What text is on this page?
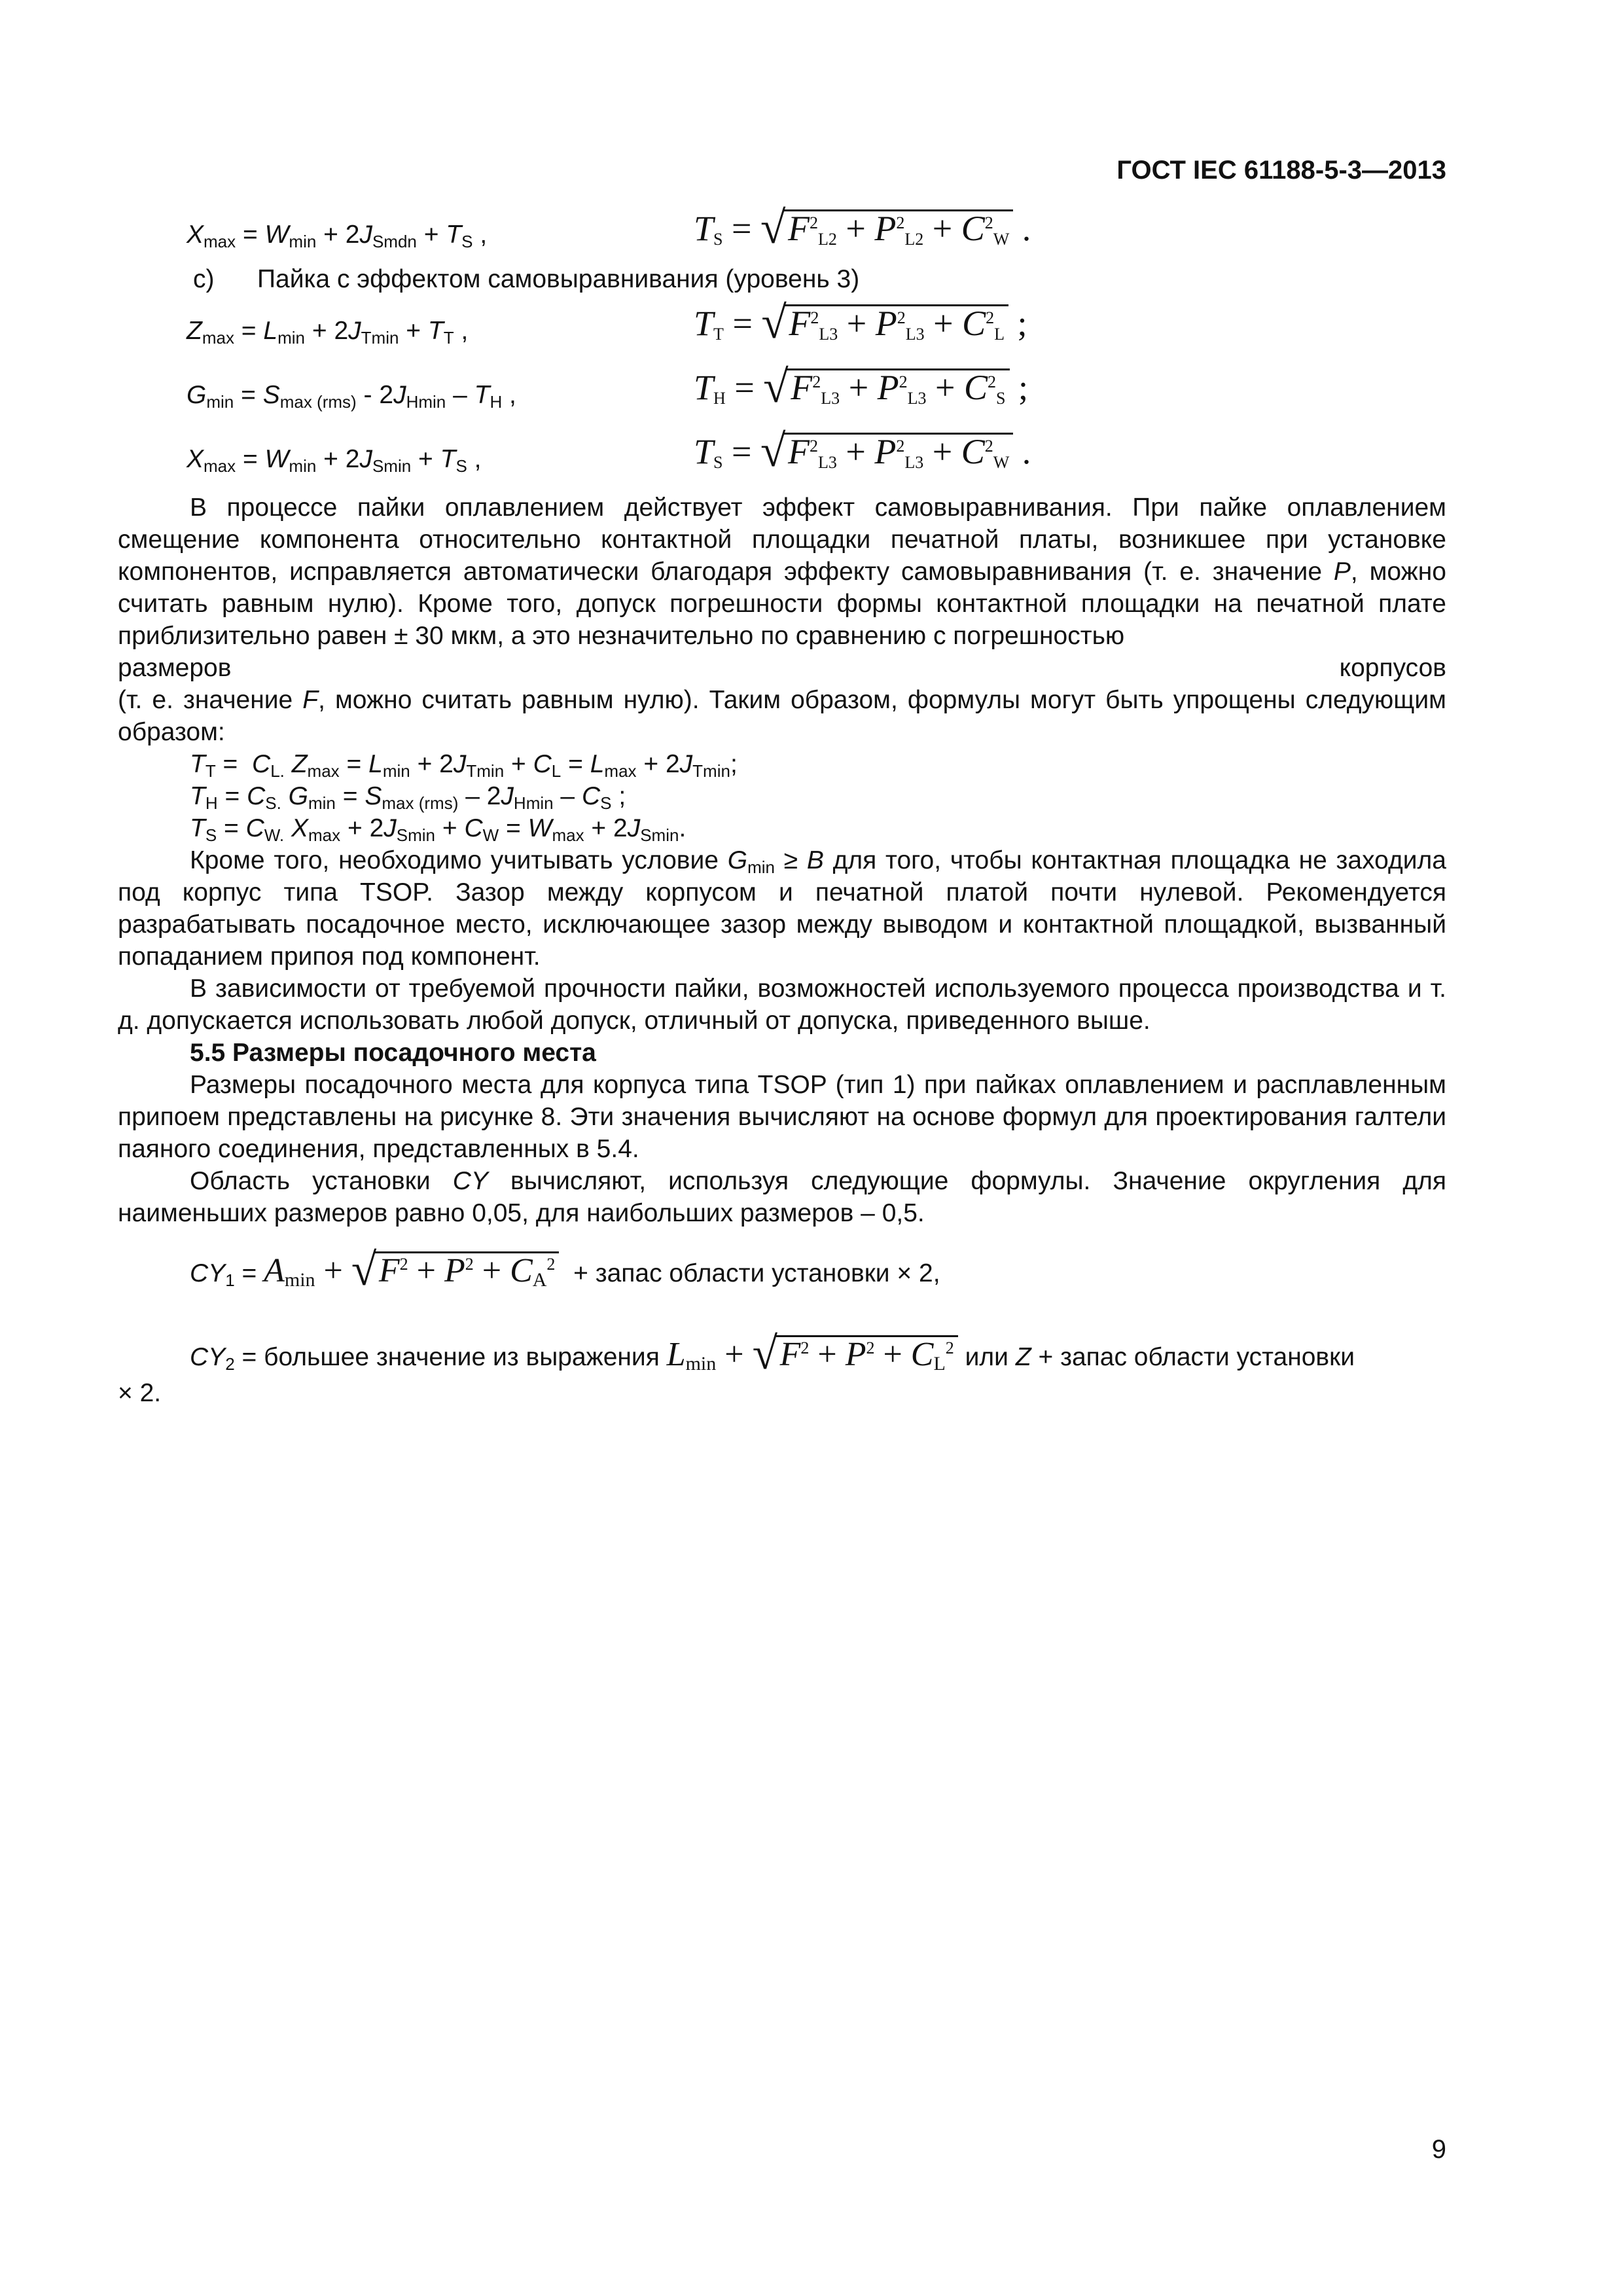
ГОСТ IEC 61188-5-3—2013
$X_{max} = W_{min} + 2J_{Smdn} + T_S$ ,	$T_S$ = √ $F^2_{L2} + P^2_{L2} + C^2_W$ .
c) Пайка с эффектом самовыравнивания (уровень 3)
$Z_{max} = L_{min} + 2J_{Tmin} + T_T$ ,	$T_T$ = √ $F^2_{L3} + P^2_{L3} + C^2_L$ ;
$G_{min} = S_{max (rms)} - 2J_{Hmin} - T_H$ ,	$T_H$ = √ $F^2_{L3} + P^2_{L3} + C^2_S$ ;
$X_{max} = W_{min} + 2J_{Smin} + T_S$ ,	$T_S$ = √ $F^2_{L3} + P^2_{L3} + C^2_W$ .

В процессе пайки оплавлением действует эффект самовыравнивания. При пайке оплавлением смещение компонента относительно контактной площадки печатной платы, возникшее при установке компонентов, исправляется автоматически благодаря эффекту самовыравнивания (т. е. значение P, можно считать равным нулю). Кроме того, допуск погрешности формы контактной площадки на печатной плате приблизительно равен ± 30 мкм, а это незначительно по сравнению с погрешностью

размеров	корпусов

(т. е. значение F, можно считать равным нулю). Таким образом, формулы могут быть упрощены следующим образом:

$T_T = C_{L.}$ $Z_{max} = L_{min} + 2J_{Tmin} + C_L = L_{max} + 2J_{Tmin}$;
$T_H = C_{S.}$ $G_{min} = S_{max (rms)} - 2J_{Hmin} - C_S$ ;
$T_S = C_{W.}$ $X_{max} + 2J_{Smin} + C_W = W_{max} + 2J_{Smin}$.

Кроме того, необходимо учитывать условие $G_{min} \ge B$ для того, чтобы контактная площадка не заходила под корпус типа TSOP. Зазор между корпусом и печатной платой почти нулевой. Рекомендуется разрабатывать посадочное место, исключающее зазор между выводом и контактной площадкой, вызванный попаданием припоя под компонент.

В зависимости от требуемой прочности пайки, возможностей используемого процесса производства и т. д. допускается использовать любой допуск, отличный от допуска, приведенного выше.

5.5 Размеры посадочного места

Размеры посадочного места для корпуса типа TSOP (тип 1) при пайках оплавлением и расплавленным припоем представлены на рисунке 8. Эти значения вычисляют на основе формул для проектирования галтели паяного соединения, представленных в 5.4.

Область установки CY вычисляют, используя следующие формулы. Значение округления для наименьших размеров равно 0,05, для наибольших размеров – 0,5.

$CY_1 = A_{min}$ + √ $F^2 + P^2 + C_A^2$ + запас области установки × 2,
$CY_2$ = большее значение из выражения $L_{min}$ + √ $F^2 + P^2 + C_L^2$ или Z + запас области установки
× 2.
9
